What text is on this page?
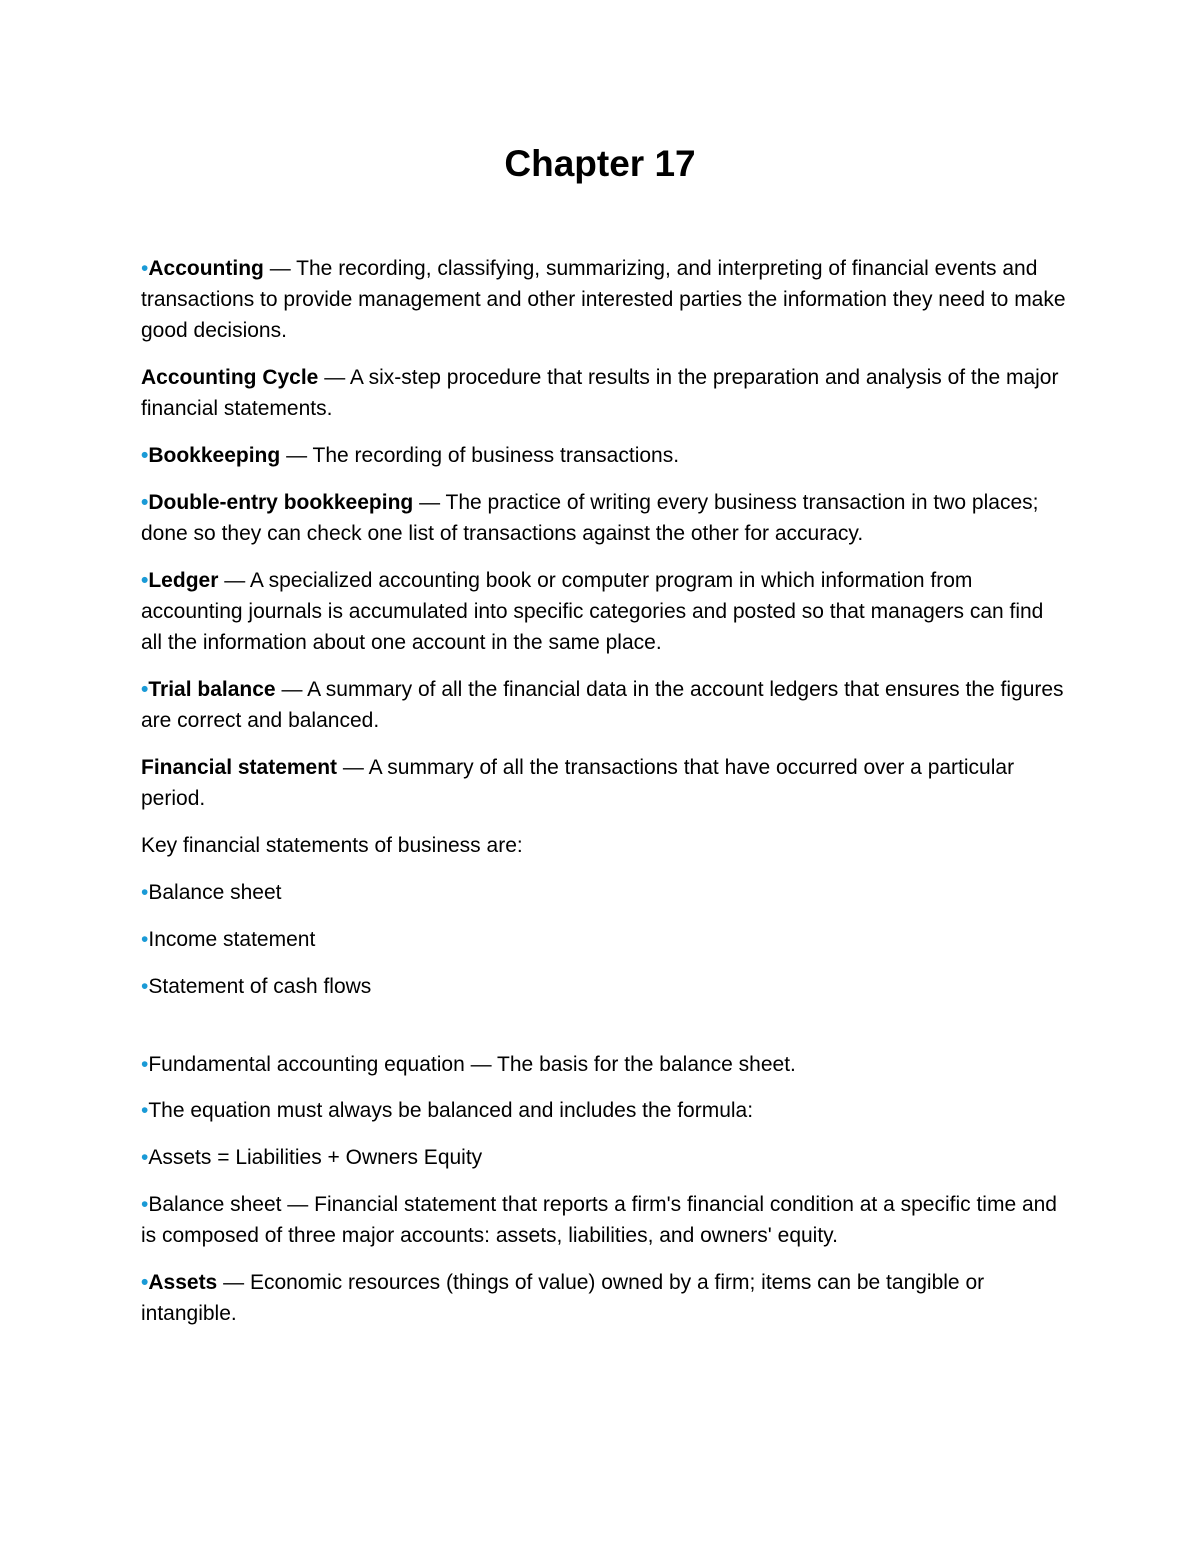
Chapter 17

•Accounting — The recording, classifying, summarizing, and interpreting of financial events and transactions to provide management and other interested parties the information they need to make good decisions.

Accounting Cycle — A six-step procedure that results in the preparation and analysis of the major financial statements.

•Bookkeeping — The recording of business transactions.

•Double-entry bookkeeping — The practice of writing every business transaction in two places; done so they can check one list of transactions against the other for accuracy.

•Ledger — A specialized accounting book or computer program in which information from accounting journals is accumulated into specific categories and posted so that managers can find all the information about one account in the same place.

•Trial balance — A summary of all the financial data in the account ledgers that ensures the figures are correct and balanced.

Financial statement — A summary of all the transactions that have occurred over a particular period.

Key financial statements of business are:

•Balance sheet

•Income statement

•Statement of cash flows

•Fundamental accounting equation — The basis for the balance sheet.

•The equation must always be balanced and includes the formula:

•Assets = Liabilities + Owners Equity

•Balance sheet — Financial statement that reports a firm's financial condition at a specific time and is composed of three major accounts: assets, liabilities, and owners' equity.

•Assets — Economic resources (things of value) owned by a firm; items can be tangible or intangible.
